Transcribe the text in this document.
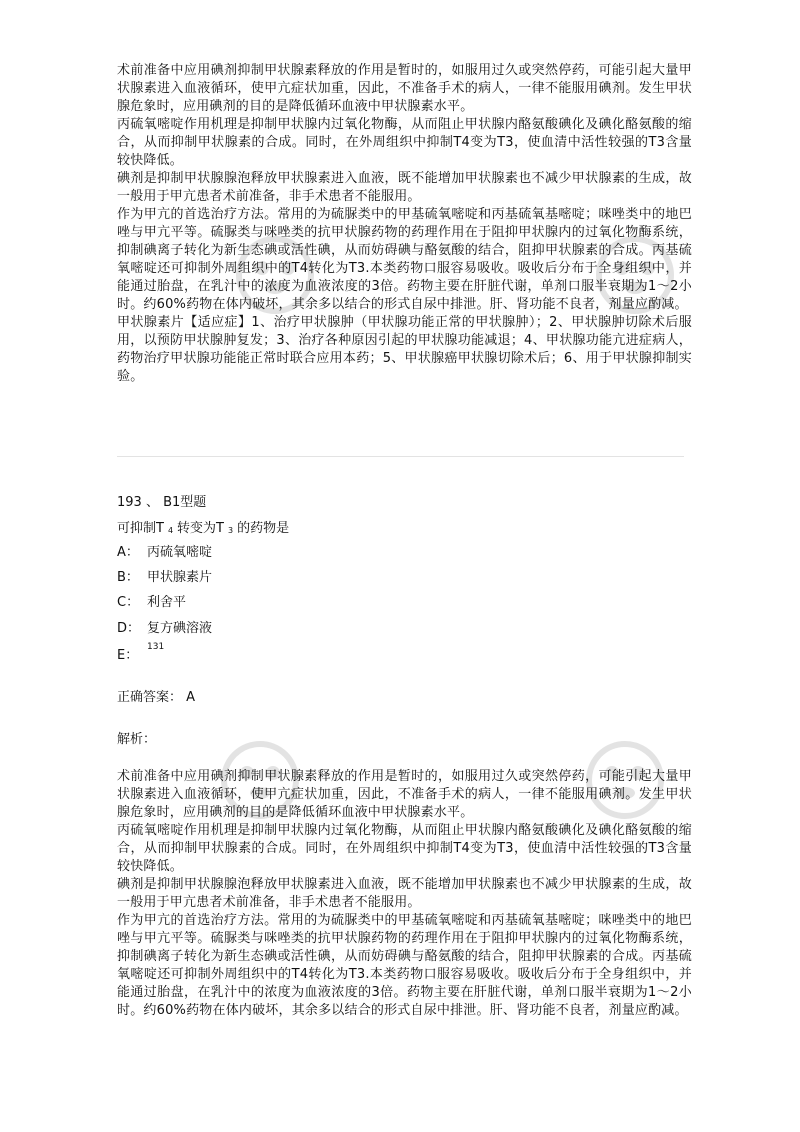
术前准备中应用碘剂抑制甲状腺素释放的作用是暂时的，如服用过久或突然停药，可能引起大量甲状腺素进入血液循环，使甲亢症状加重，因此，不准备手术的病人，一律不能服用碘剂。发生甲状腺危象时，应用碘剂的目的是降低循环血液中甲状腺素水平。

丙硫氧嘧啶作用机理是抑制甲状腺内过氧化物酶，从而阻止甲状腺内酪氨酸碘化及碘化酪氨酸的缩合，从而抑制甲状腺素的合成。同时，在外周组织中抑制T4变为T3，使血清中活性较强的T3含量较快降低。

碘剂是抑制甲状腺腺泡释放甲状腺素进入血液，既不能增加甲状腺素也不减少甲状腺素的生成，故一般用于甲亢患者术前准备，非手术患者不能服用。

作为甲亢的首选治疗方法。常用的为硫脲类中的甲基硫氧嘧啶和丙基硫氧基嘧啶；咪唑类中的地巴唑与甲亢平等。硫脲类与咪唑类的抗甲状腺药物的药理作用在于阻抑甲状腺内的过氧化物酶系统，抑制碘离子转化为新生态碘或活性碘，从而妨碍碘与酪氨酸的结合，阻抑甲状腺素的合成。丙基硫氧嘧啶还可抑制外周组织中的T4转化为T3.本类药物口服容易吸收。吸收后分布于全身组织中，并能通过胎盘，在乳汁中的浓度为血液浓度的3倍。药物主要在肝脏代谢，单剂口服半衰期为1～2小时。约60%药物在体内破坏，其余多以结合的形式自尿中排泄。肝、肾功能不良者，剂量应酌减。

甲状腺素片【适应症】1、治疗甲状腺肿（甲状腺功能正常的甲状腺肿）；2、甲状腺肿切除术后服用，以预防甲状腺肿复发；3、治疗各种原因引起的甲状腺功能减退；4、甲状腺功能亢进症病人，药物治疗甲状腺功能能正常时联合应用本药；5、甲状腺癌甲状腺切除术后；6、用于甲状腺抑制实验。

193 、 B1型题
可抑制T 4 转变为T 3 的药物是
A： 丙硫氧嘧啶
B： 甲状腺素片
C： 利舍平
D： 复方碘溶液
E：$^{131}$
正确答案： A
解析：

术前准备中应用碘剂抑制甲状腺素释放的作用是暂时的，如服用过久或突然停药，可能引起大量甲状腺素进入血液循环，使甲亢症状加重，因此，不准备手术的病人，一律不能服用碘剂。发生甲状腺危象时，应用碘剂的目的是降低循环血液中甲状腺素水平。

丙硫氧嘧啶作用机理是抑制甲状腺内过氧化物酶，从而阻止甲状腺内酪氨酸碘化及碘化酪氨酸的缩合，从而抑制甲状腺素的合成。同时，在外周组织中抑制T4变为T3，使血清中活性较强的T3含量较快降低。

碘剂是抑制甲状腺腺泡释放甲状腺素进入血液，既不能增加甲状腺素也不减少甲状腺素的生成，故一般用于甲亢患者术前准备，非手术患者不能服用。

作为甲亢的首选治疗方法。常用的为硫脲类中的甲基硫氧嘧啶和丙基硫氧基嘧啶；咪唑类中的地巴唑与甲亢平等。硫脲类与咪唑类的抗甲状腺药物的药理作用在于阻抑甲状腺内的过氧化物酶系统，抑制碘离子转化为新生态碘或活性碘，从而妨碍碘与酪氨酸的结合，阻抑甲状腺素的合成。丙基硫氧嘧啶还可抑制外周组织中的T4转化为T3.本类药物口服容易吸收。吸收后分布于全身组织中，并能通过胎盘，在乳汁中的浓度为血液浓度的3倍。药物主要在肝脏代谢，单剂口服半衰期为1～2小时。约60%药物在体内破坏，其余多以结合的形式自尿中排泄。肝、肾功能不良者，剂量应酌减。
